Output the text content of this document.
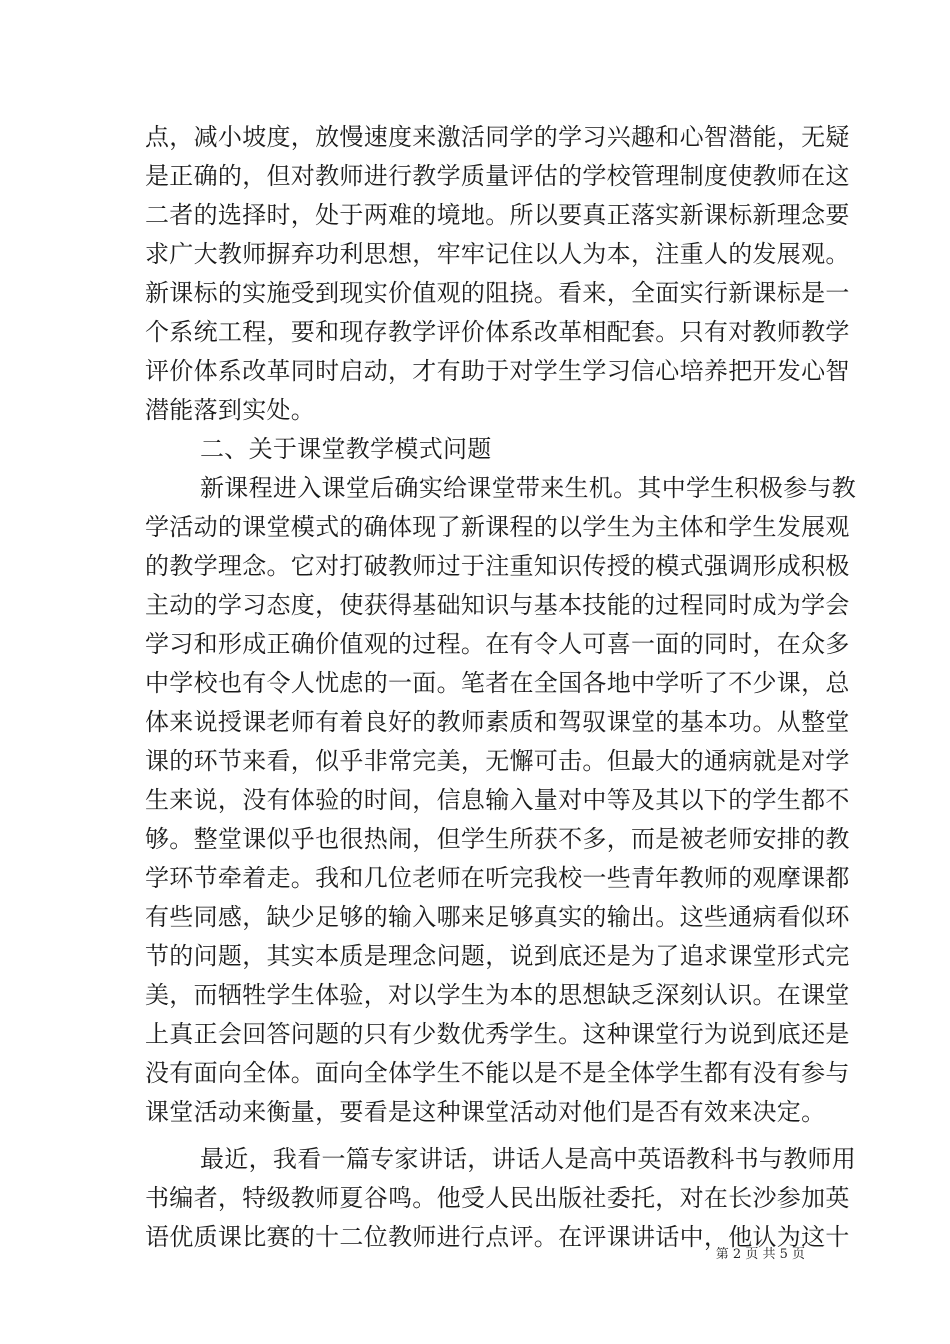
点，减小坡度，放慢速度来激活同学的学习兴趣和心智潜能，无疑
是正确的，但对教师进行教学质量评估的学校管理制度使教师在这
二者的选择时，处于两难的境地。所以要真正落实新课标新理念要
求广大教师摒弃功利思想，牢牢记住以人为本，注重人的发展观。
新课标的实施受到现实价值观的阻挠。看来，全面实行新课标是一
个系统工程，要和现存教学评价体系改革相配套。只有对教师教学
评价体系改革同时启动，才有助于对学生学习信心培养把开发心智
潜能落到实处。
二、关于课堂教学模式问题
新课程进入课堂后确实给课堂带来生机。其中学生积极参与教
学活动的课堂模式的确体现了新课程的以学生为主体和学生发展观
的教学理念。它对打破教师过于注重知识传授的模式强调形成积极
主动的学习态度，使获得基础知识与基本技能的过程同时成为学会
学习和形成正确价值观的过程。在有令人可喜一面的同时，在众多
中学校也有令人忧虑的一面。笔者在全国各地中学听了不少课，总
体来说授课老师有着良好的教师素质和驾驭课堂的基本功。从整堂
课的环节来看，似乎非常完美，无懈可击。但最大的通病就是对学
生来说，没有体验的时间，信息输入量对中等及其以下的学生都不
够。整堂课似乎也很热闹，但学生所获不多，而是被老师安排的教
学环节牵着走。我和几位老师在听完我校一些青年教师的观摩课都
有些同感，缺少足够的输入哪来足够真实的输出。这些通病看似环
节的问题，其实本质是理念问题，说到底还是为了追求课堂形式完
美，而牺牲学生体验，对以学生为本的思想缺乏深刻认识。在课堂
上真正会回答问题的只有少数优秀学生。这种课堂行为说到底还是
没有面向全体。面向全体学生不能以是不是全体学生都有没有参与
课堂活动来衡量，要看是这种课堂活动对他们是否有效来决定。
最近，我看一篇专家讲话，讲话人是高中英语教科书与教师用
书编者，特级教师夏谷鸣。他受人民出版社委托，对在长沙参加英
语优质课比赛的十二位教师进行点评。在评课讲话中，他认为这十
第 2 页 共 5 页
